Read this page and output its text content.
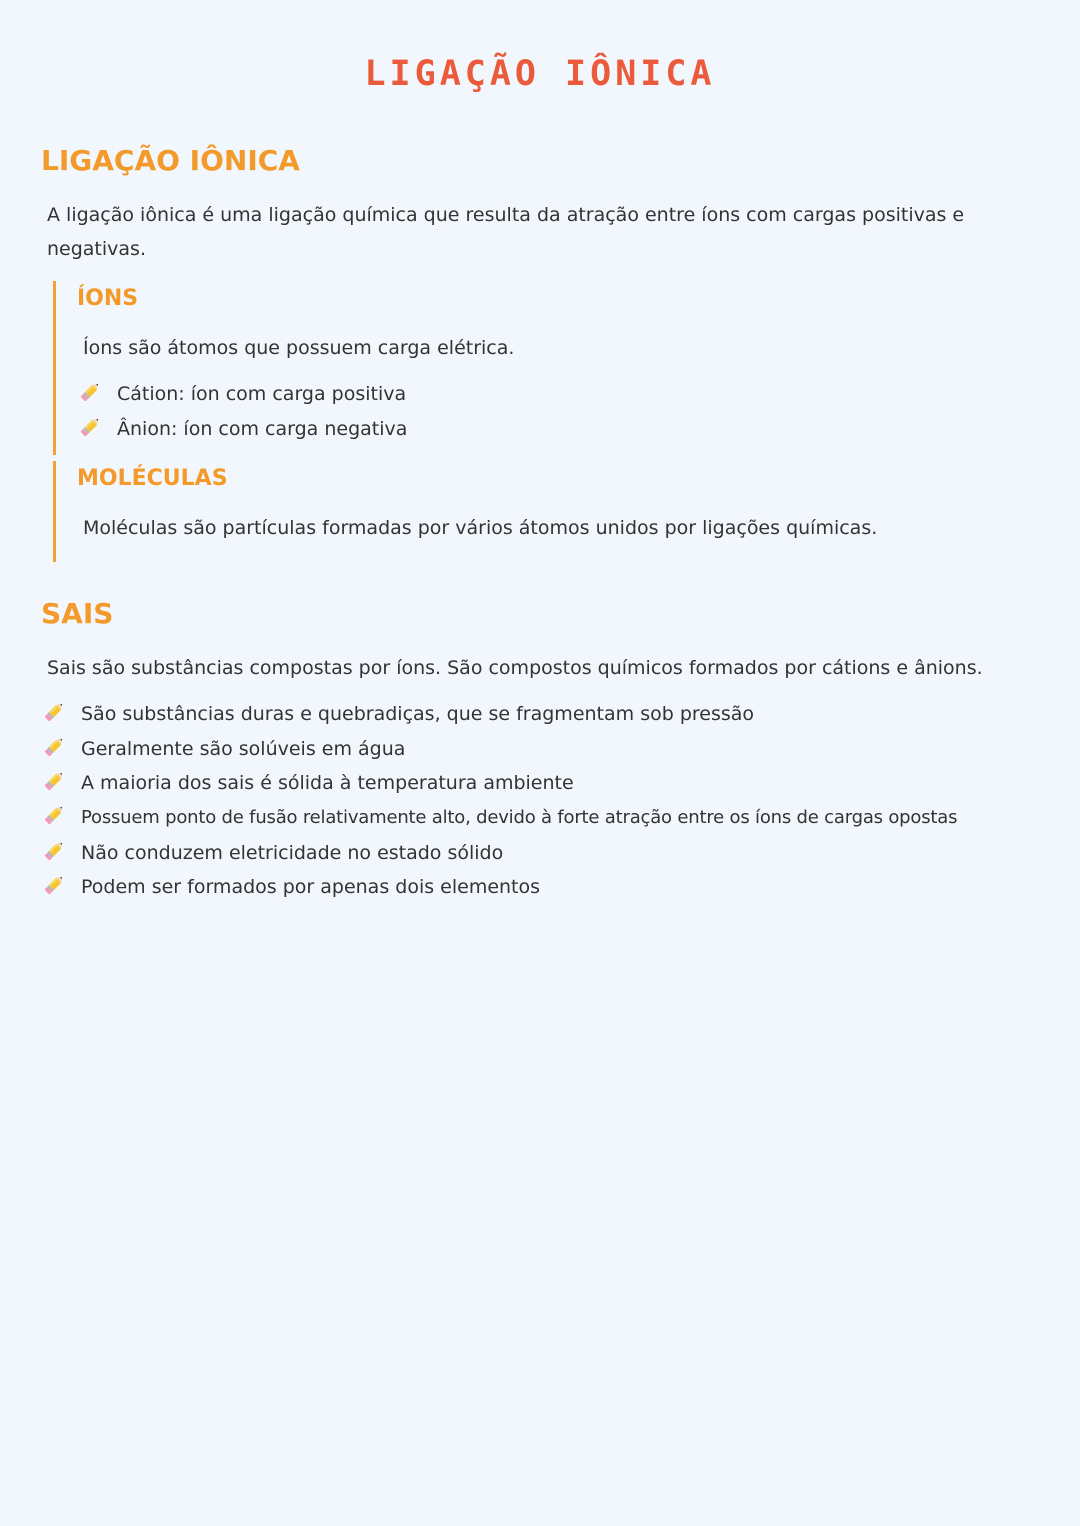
LIGAÇÃO IÔNICA
LIGAÇÃO IÔNICA
A ligação iônica é uma ligação química que resulta da atração entre íons com cargas positivas e
negativas.
ÍONS
Íons são átomos que possuem carga elétrica.
Cátion: íon com carga positiva
Ânion: íon com carga negativa
MOLÉCULAS
Moléculas são partículas formadas por vários átomos unidos por ligações químicas.
SAIS
Sais são substâncias compostas por íons. São compostos químicos formados por cátions e ânions.
São substâncias duras e quebradiças, que se fragmentam sob pressão
Geralmente são solúveis em água
A maioria dos sais é sólida à temperatura ambiente
Possuem ponto de fusão relativamente alto, devido à forte atração entre os íons de cargas opostas
Não conduzem eletricidade no estado sólido
Podem ser formados por apenas dois elementos
